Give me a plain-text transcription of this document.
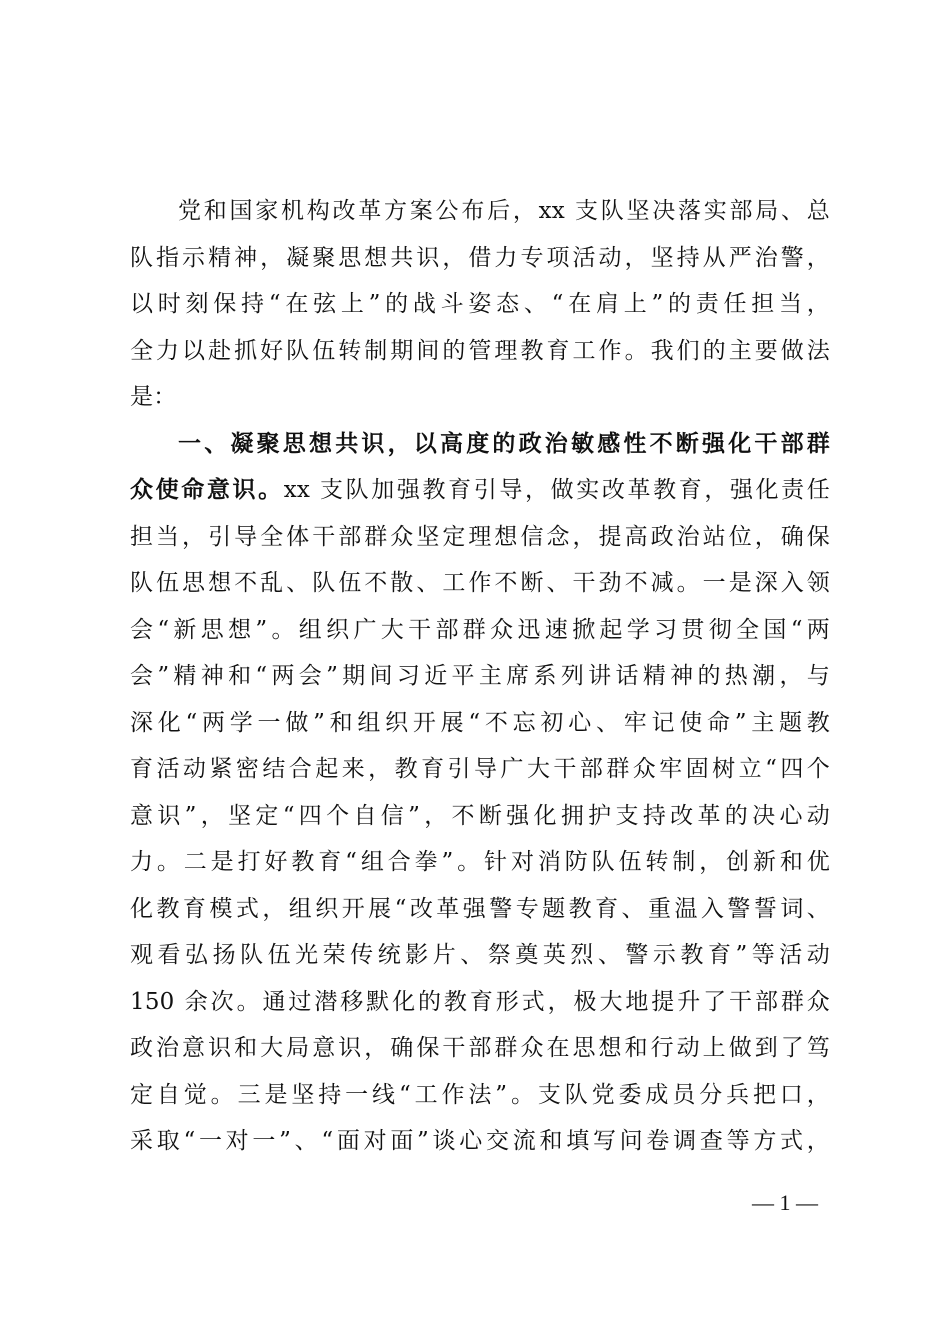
党和国家机构改革方案公布后，xx 支队坚决落实部局、总
队指示精神，凝聚思想共识，借力专项活动，坚持从严治警，
以时刻保持“在弦上”的战斗姿态、“在肩上”的责任担当，
全力以赴抓好队伍转制期间的管理教育工作。我们的主要做法
是：
一、凝聚思想共识，以高度的政治敏感性不断强化干部群
众使命意识。xx 支队加强教育引导，做实改革教育，强化责任
担当，引导全体干部群众坚定理想信念，提高政治站位，确保
队伍思想不乱、队伍不散、工作不断、干劲不减。一是深入领
会“新思想”。组织广大干部群众迅速掀起学习贯彻全国“两
会”精神和“两会”期间习近平主席系列讲话精神的热潮，与
深化“两学一做”和组织开展“不忘初心、牢记使命”主题教
育活动紧密结合起来，教育引导广大干部群众牢固树立“四个
意识”，坚定“四个自信”，不断强化拥护支持改革的决心动
力。二是打好教育“组合拳”。针对消防队伍转制，创新和优
化教育模式，组织开展“改革强警专题教育、重温入警誓词、
观看弘扬队伍光荣传统影片、祭奠英烈、警示教育”等活动
150 余次。通过潜移默化的教育形式，极大地提升了干部群众
政治意识和大局意识，确保干部群众在思想和行动上做到了笃
定自觉。三是坚持一线“工作法”。支队党委成员分兵把口，
采取“一对一”、“面对面”谈心交流和填写问卷调查等方式，
— 1 —
